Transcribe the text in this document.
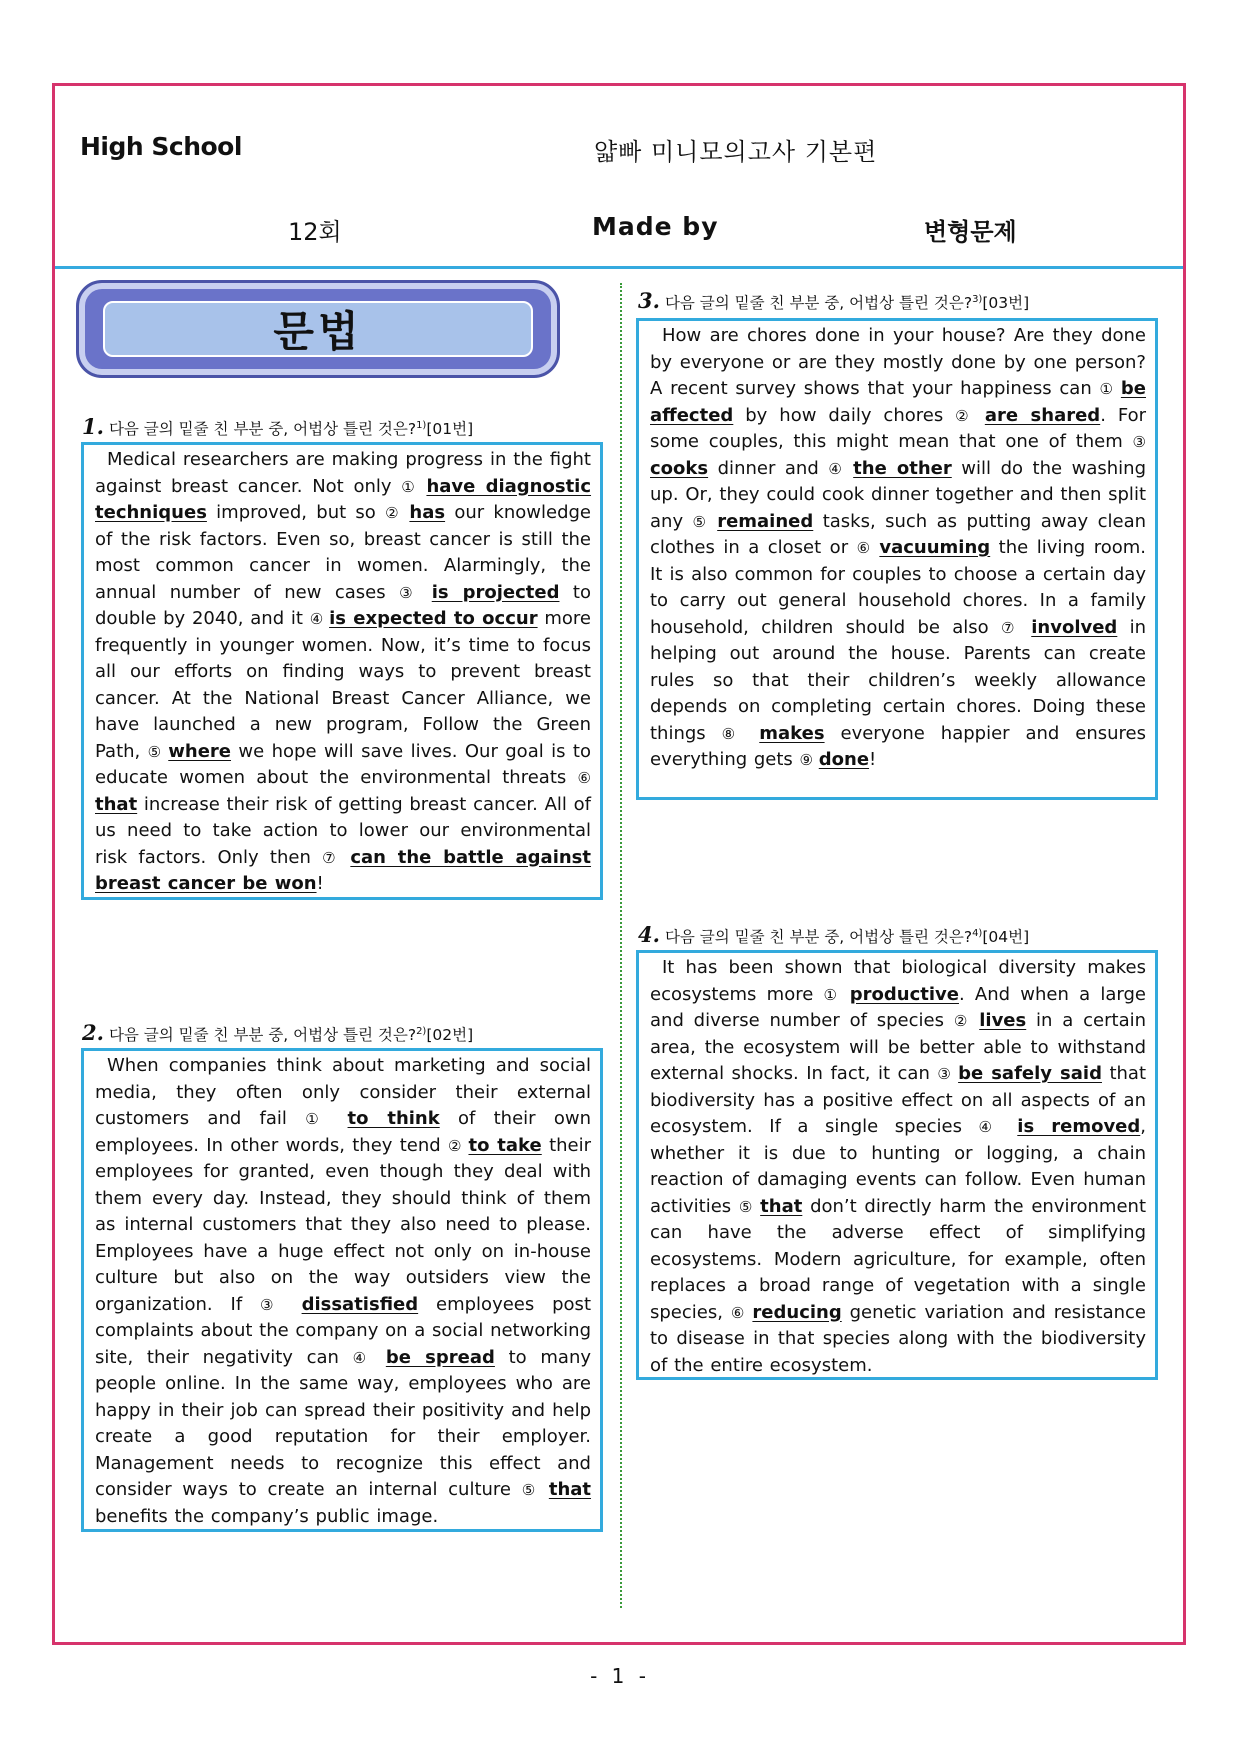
High School	얇빠 미니모의고사 기본편
12회	Made by	변형문제
문법
1. 다음 글의 밑줄 친 부분 중, 어법상 틀린 것은?$^{1)}$[01번]

Medical researchers are making progress in the fight against breast cancer. Not only ① have diagnostic techniques improved, but so ② has our knowledge of the risk factors. Even so, breast cancer is still the most common cancer in women. Alarmingly, the annual number of new cases ③ is projected to double by 2040, and it ④ is expected to occur more frequently in younger women. Now, it’s time to focus all our efforts on finding ways to prevent breast cancer. At the National Breast Cancer Alliance, we have launched a new program, Follow the Green Path, ⑤ where we hope will save lives. Our goal is to educate women about the environmental threats ⑥ that increase their risk of getting breast cancer. All of us need to take action to lower our environmental risk factors. Only then ⑦ can the battle against breast cancer be won!

2. 다음 글의 밑줄 친 부분 중, 어법상 틀린 것은?$^{2)}$[02번]

When companies think about marketing and social media, they often only consider their external customers and fail ① to think of their own employees. In other words, they tend ② to take their employees for granted, even though they deal with them every day. Instead, they should think of them as internal customers that they also need to please. Employees have a huge effect not only on in-house culture but also on the way outsiders view the organization. If ③ dissatisfied employees post complaints about the company on a social networking site, their negativity can ④ be spread to many people online. In the same way, employees who are happy in their job can spread their positivity and help create a good reputation for their employer. Management needs to recognize this effect and consider ways to create an internal culture ⑤ that benefits the company’s public image.

3. 다음 글의 밑줄 친 부분 중, 어법상 틀린 것은?$^{3)}$[03번]

How are chores done in your house? Are they done by everyone or are they mostly done by one person? A recent survey shows that your happiness can ① be affected by how daily chores ② are shared. For some couples, this might mean that one of them ③ cooks dinner and ④ the other will do the washing up. Or, they could cook dinner together and then split any ⑤ remained tasks, such as putting away clean clothes in a closet or ⑥ vacuuming the living room. It is also common for couples to choose a certain day to carry out general household chores. In a family household, children should be also ⑦ involved in helping out around the house. Parents can create rules so that their children’s weekly allowance depends on completing certain chores. Doing these things ⑧ makes everyone happier and ensures everything gets ⑨ done!

4. 다음 글의 밑줄 친 부분 중, 어법상 틀린 것은?$^{4)}$[04번]

It has been shown that biological diversity makes ecosystems more ① productive. And when a large and diverse number of species ② lives in a certain area, the ecosystem will be better able to withstand external shocks. In fact, it can ③ be safely said that biodiversity has a positive effect on all aspects of an ecosystem. If a single species ④ is removed, whether it is due to hunting or logging, a chain reaction of damaging events can follow. Even human activities ⑤ that don’t directly harm the environment can have the adverse effect of simplifying ecosystems. Modern agriculture, for example, often replaces a broad range of vegetation with a single species, ⑥ reducing genetic variation and resistance to disease in that species along with the biodiversity of the entire ecosystem.

- 1 -
